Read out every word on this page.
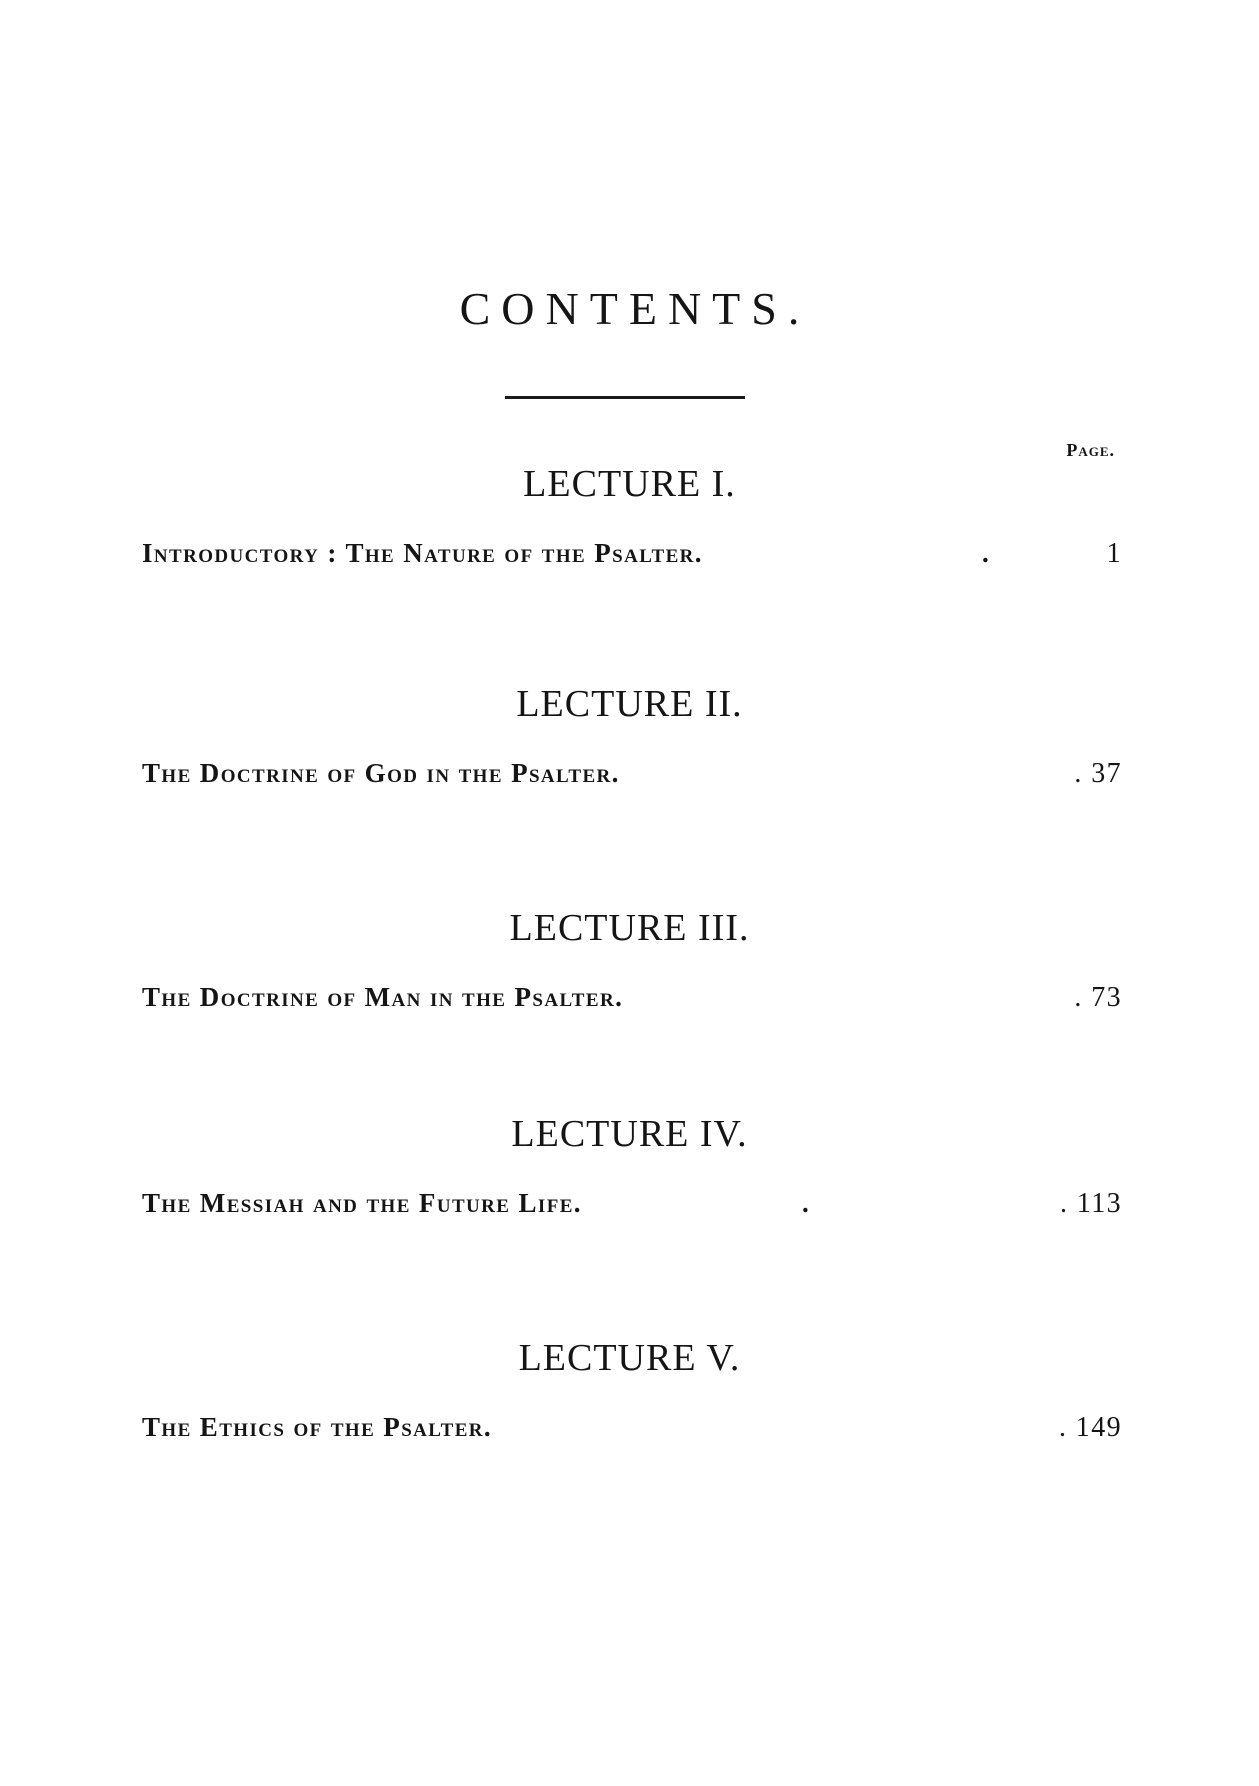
CONTENTS.
Page.
LECTURE I.
Introductory : The Nature of the Psalter.	.	1
LECTURE II.
The Doctrine of God in the Psalter.	. 37
LECTURE III.
The Doctrine of Man in the Psalter.	. 73
LECTURE IV.
The Messiah and the Future Life.	.	. 113
LECTURE V.
The Ethics of the Psalter.	. 149
